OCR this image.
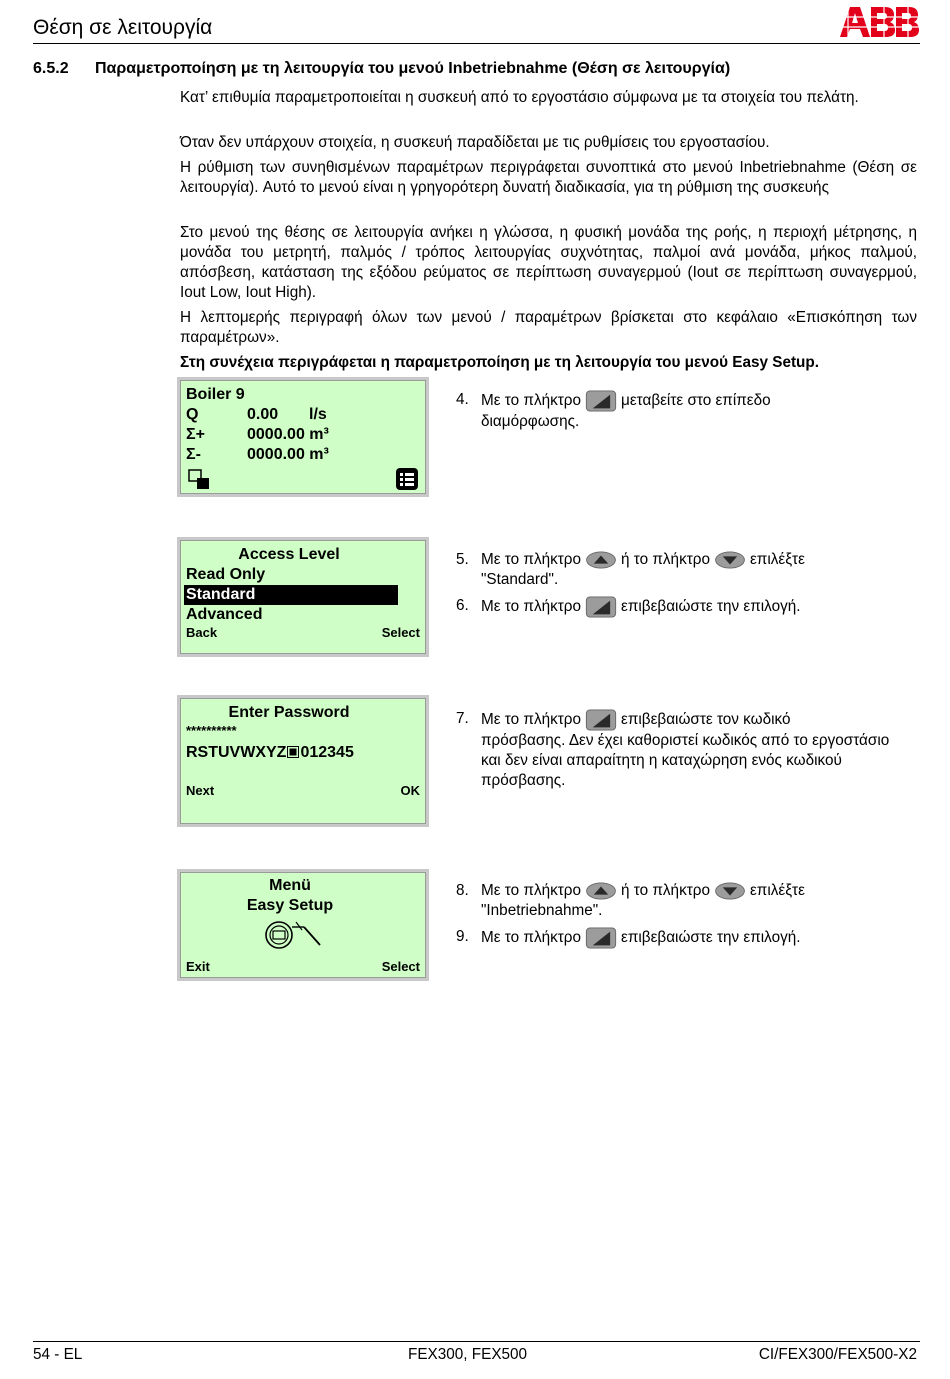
Θέση σε λειτουργία
6.5.2 Παραμετροποίηση με τη λειτουργία του μενού Inbetriebnahme (Θέση σε λειτουργία)
Κατ’ επιθυμία παραμετροποιείται η συσκευή από το εργοστάσιο σύμφωνα με τα στοιχεία του πελάτη.
Όταν δεν υπάρχουν στοιχεία, η συσκευή παραδίδεται με τις ρυθμίσεις του εργοστασίου.
Η ρύθμιση των συνηθισμένων παραμέτρων περιγράφεται συνοπτικά στο μενού Inbetriebnahme (Θέση σε λειτουργία). Αυτό το μενού είναι η γρηγορότερη δυνατή διαδικασία, για τη ρύθμιση της συσκευής
Στο μενού της θέσης σε λειτουργία ανήκει η γλώσσα, η φυσική μονάδα της ροής, η περιοχή μέτρησης, η μονάδα του μετρητή, παλμός / τρόπος λειτουργίας συχνότητας, παλμοί ανά μονάδα, μήκος παλμού, απόσβεση, κατάσταση της εξόδου ρεύματος σε περίπτωση συναγερμού (Iout σε περίπτωση συναγερμού, Iout Low, Iout High).
Η λεπτομερής περιγραφή όλων των μενού / παραμέτρων βρίσκεται στο κεφάλαιο «Επισκόπηση των παραμέτρων».
Στη συνέχεια περιγράφεται η παραμετροποίηση με τη λειτουργία του μενού Easy Setup.
Boiler 9
Q	0.00 l/s
Σ+	0000.00 m³
Σ-	0000.00 m³
Access Level
Read Only
Standard
Advanced
Back	Select
Enter Password
**********
RSTUVWXYZ 012345
Next	OK
Menü
Easy Setup
Exit	Select
4. Με το πλήκτρο	μεταβείτε στο επίπεδο
διαμόρφωσης.
5. Με το πλήκτρο	ή το πλήκτρο	επιλέξτε
"Standard".
6. Με το πλήκτρο	επιβεβαιώστε την επιλογή.
7. Με το πλήκτρο	επιβεβαιώστε τον κωδικό
πρόσβασης. Δεν έχει καθοριστεί κωδικός από το εργοστάσιο και δεν είναι απαραίτητη η καταχώρηση ενός κωδικού πρόσβασης.
8. Με το πλήκτρο	ή το πλήκτρο	επιλέξτε
"Inbetriebnahme".
9. Με το πλήκτρο	επιβεβαιώστε την επιλογή.
54 - EL	FEX300, FEX500	CI/FEX300/FEX500-X2
